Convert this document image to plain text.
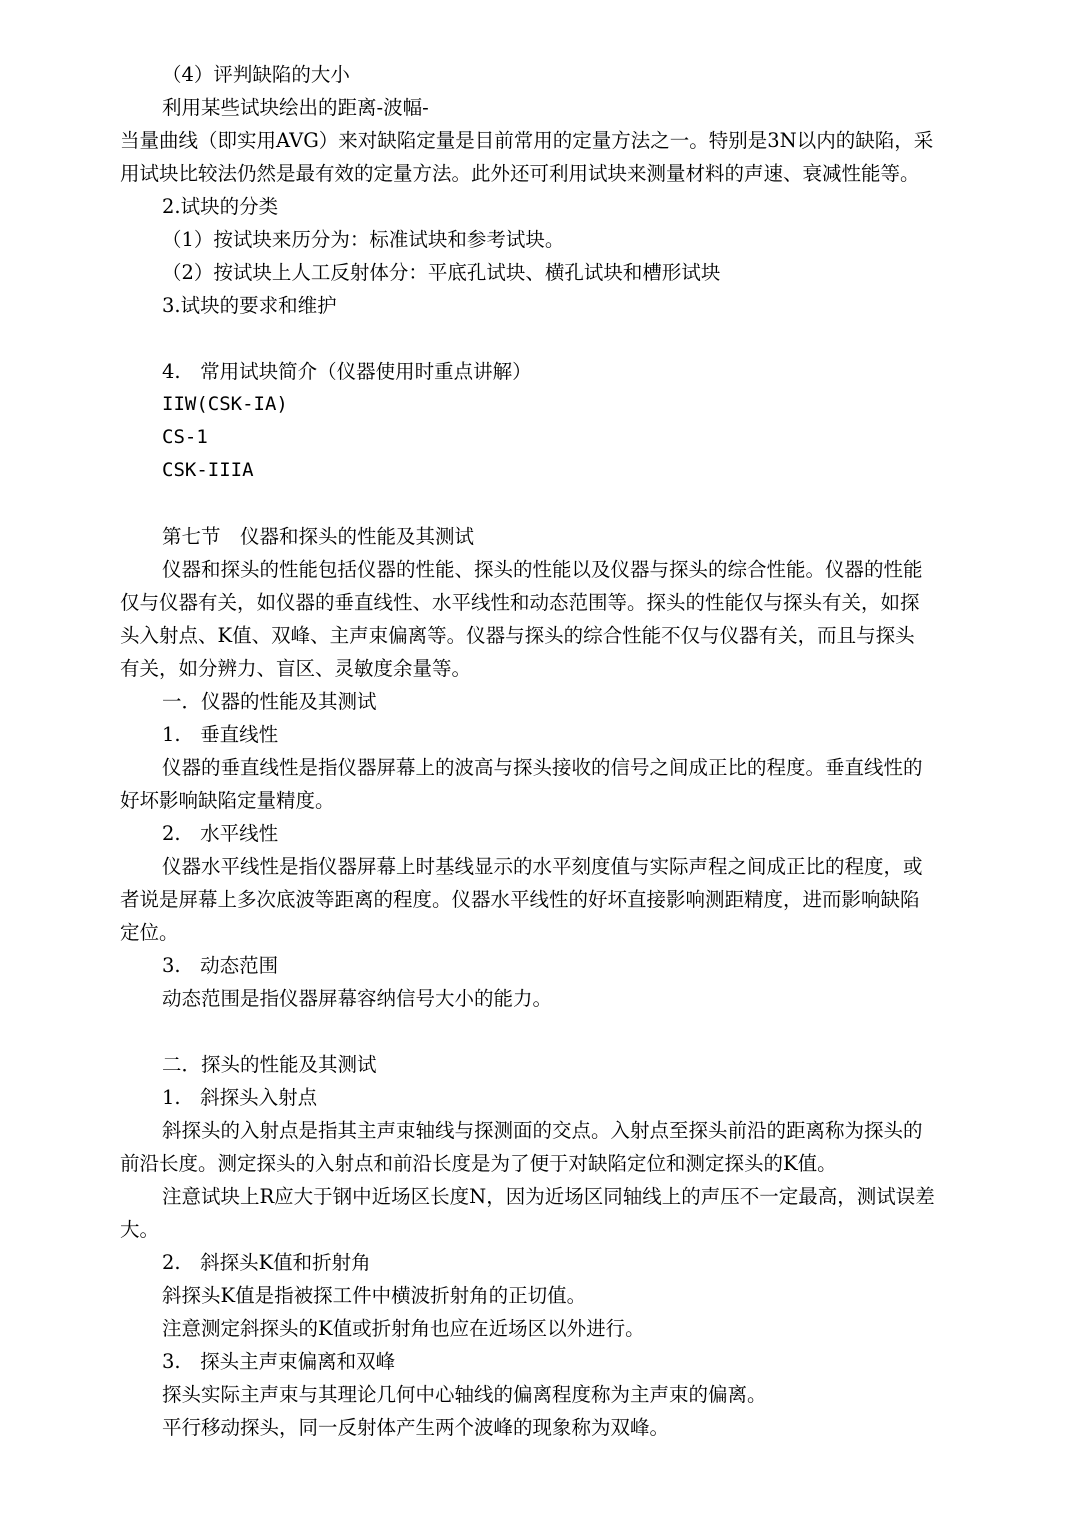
（4）评判缺陷的大小
利用某些试块绘出的距离-波幅-
当量曲线（即实用AVG）来对缺陷定量是目前常用的定量方法之一。特别是3N以内的缺陷，采
用试块比较法仍然是最有效的定量方法。此外还可利用试块来测量材料的声速、衰减性能等。
2.试块的分类
（1）按试块来历分为：标准试块和参考试块。
（2）按试块上人工反射体分：平底孔试块、横孔试块和槽形试块
3.试块的要求和维护
4.　常用试块简介（仪器使用时重点讲解）
IIW(CSK-IA)
CS-1
CSK-IIIA
第七节　仪器和探头的性能及其测试
仪器和探头的性能包括仪器的性能、探头的性能以及仪器与探头的综合性能。仪器的性能
仅与仪器有关，如仪器的垂直线性、水平线性和动态范围等。探头的性能仅与探头有关，如探
头入射点、K值、双峰、主声束偏离等。仪器与探头的综合性能不仅与仪器有关，而且与探头
有关，如分辨力、盲区、灵敏度余量等。
一．仪器的性能及其测试
1.　垂直线性
仪器的垂直线性是指仪器屏幕上的波高与探头接收的信号之间成正比的程度。垂直线性的
好坏影响缺陷定量精度。
2.　水平线性
仪器水平线性是指仪器屏幕上时基线显示的水平刻度值与实际声程之间成正比的程度，或
者说是屏幕上多次底波等距离的程度。仪器水平线性的好坏直接影响测距精度，进而影响缺陷
定位。
3.　动态范围
动态范围是指仪器屏幕容纳信号大小的能力。
二．探头的性能及其测试
1.　斜探头入射点
斜探头的入射点是指其主声束轴线与探测面的交点。入射点至探头前沿的距离称为探头的
前沿长度。测定探头的入射点和前沿长度是为了便于对缺陷定位和测定探头的K值。
注意试块上R应大于钢中近场区长度N，因为近场区同轴线上的声压不一定最高，测试误差
大。
2.　斜探头K值和折射角
斜探头K值是指被探工件中横波折射角的正切值。
注意测定斜探头的K值或折射角也应在近场区以外进行。
3.　探头主声束偏离和双峰
探头实际主声束与其理论几何中心轴线的偏离程度称为主声束的偏离。
平行移动探头，同一反射体产生两个波峰的现象称为双峰。
